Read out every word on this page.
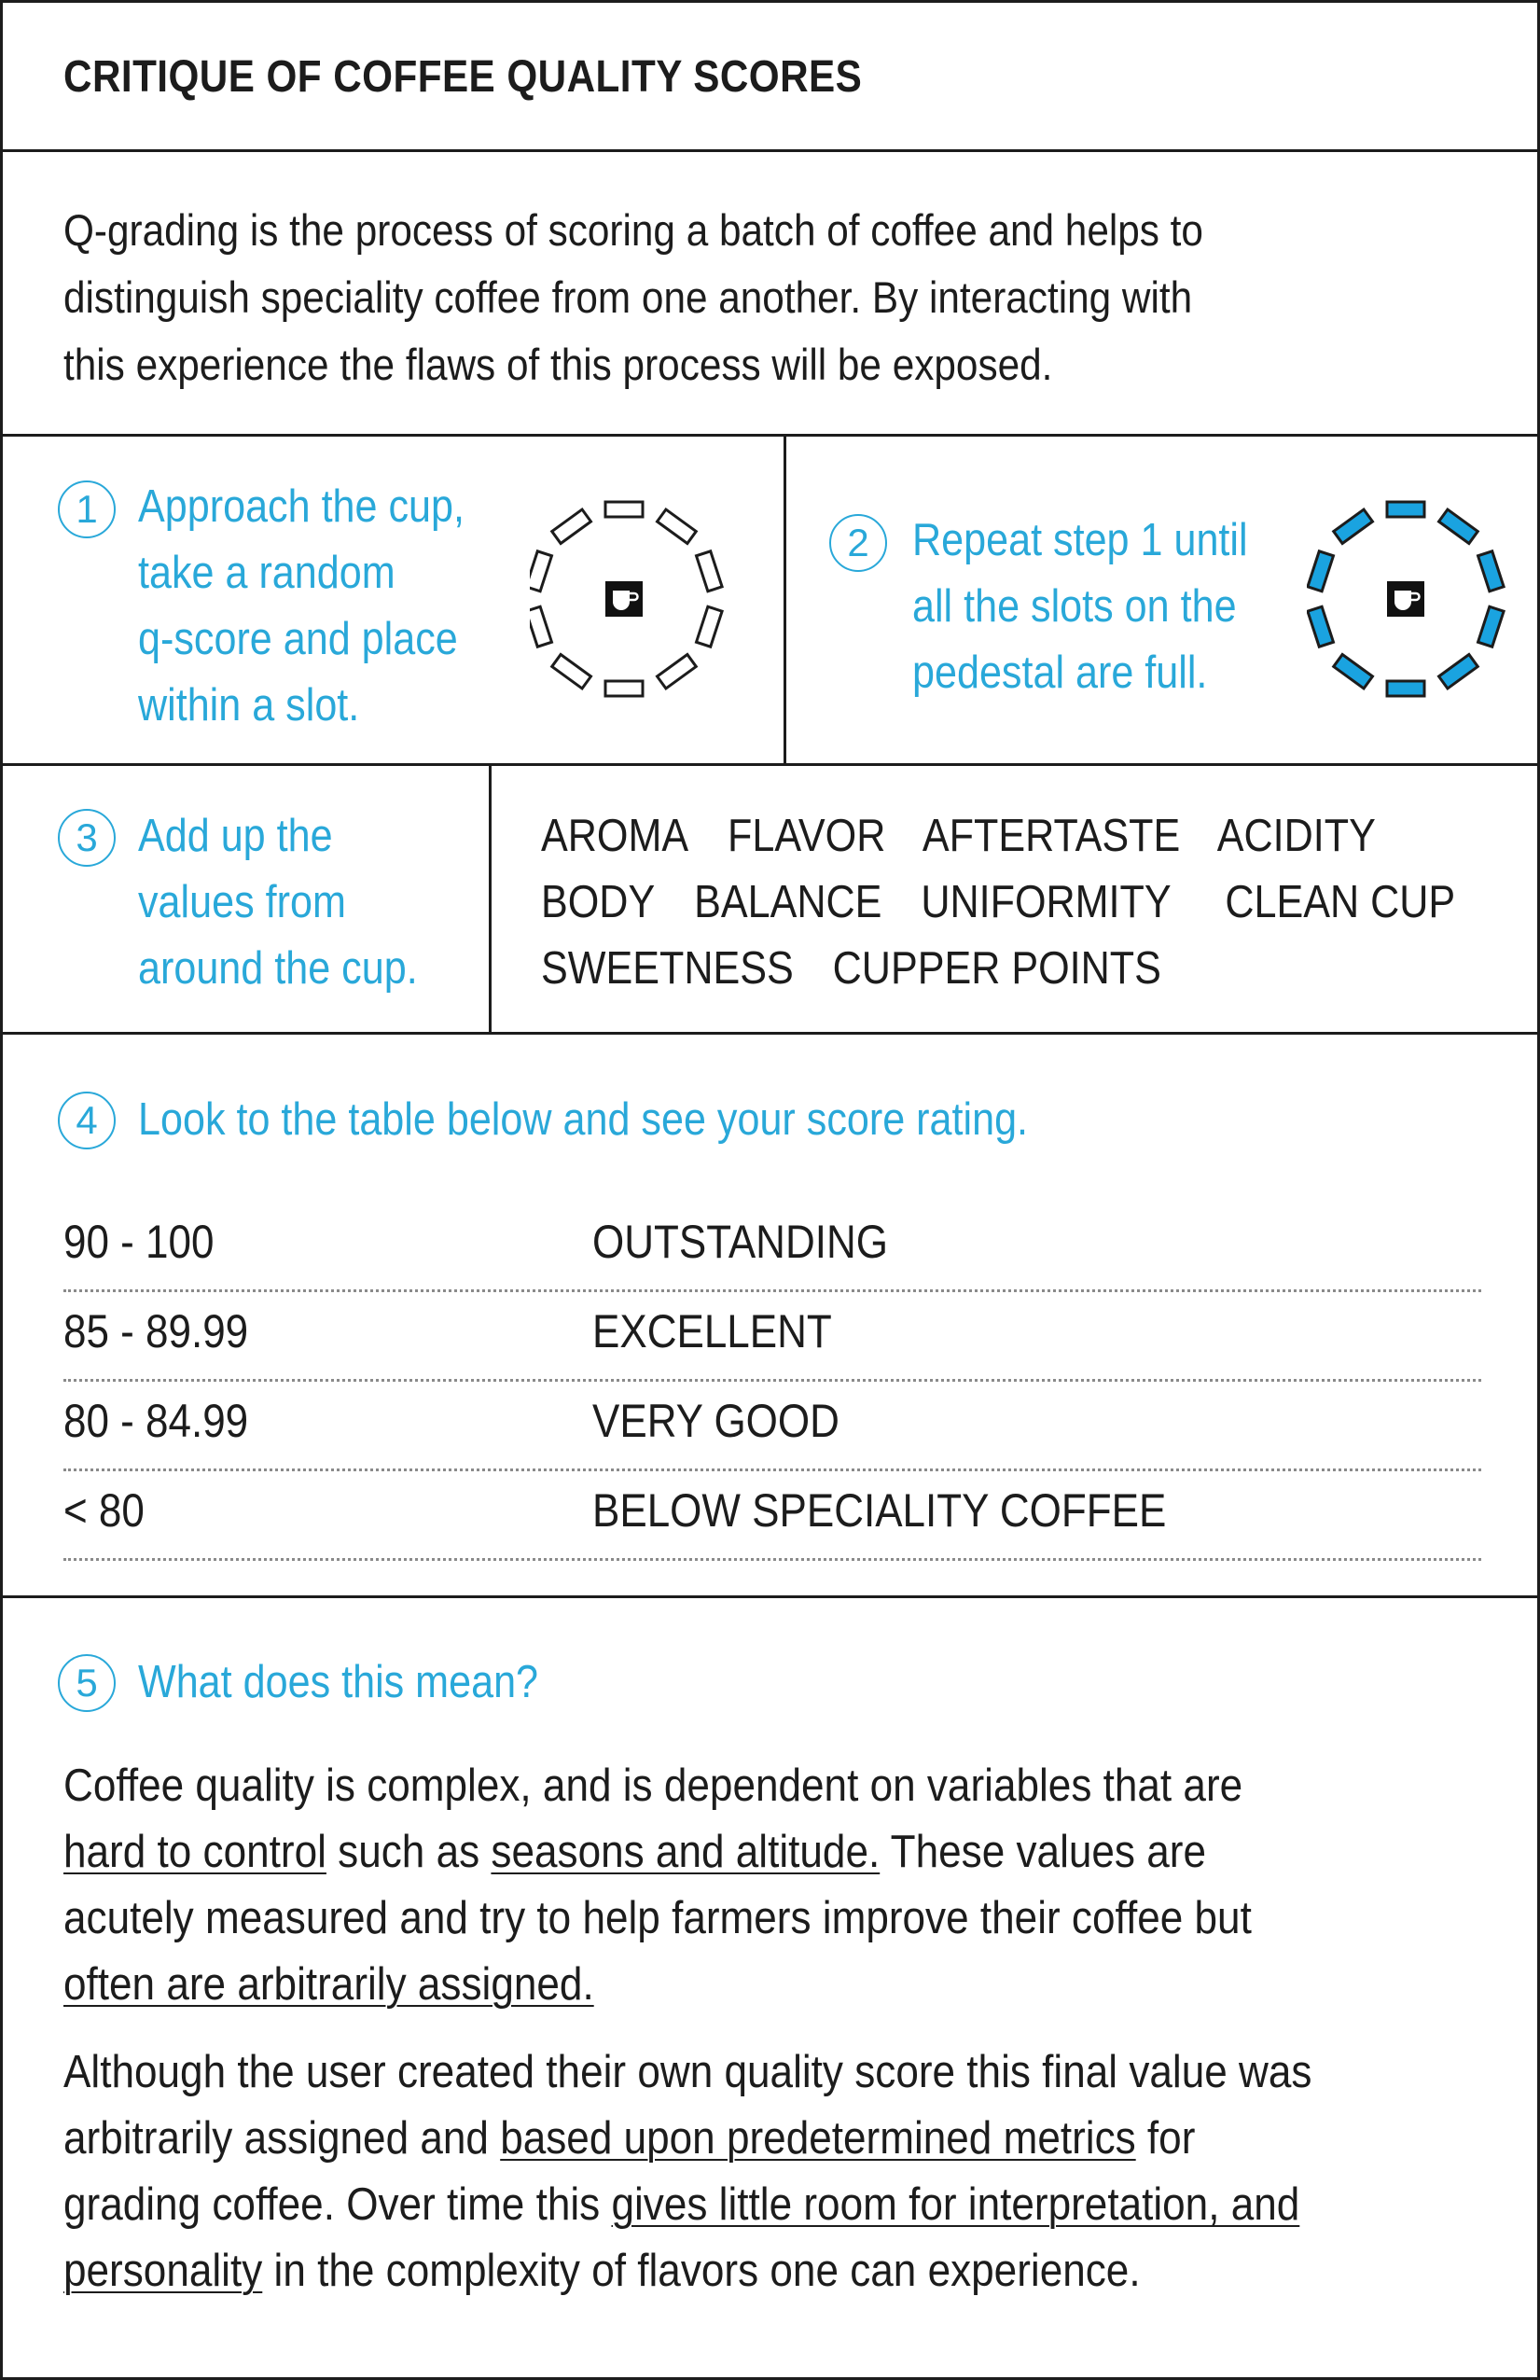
CRITIQUE OF COFFEE QUALITY SCORES
Q-grading is the process of scoring a batch of coffee and helps to
distinguish speciality coffee from one another. By interacting with
this experience the flaws of this process will be exposed.
1 Approach the cup,
take a random
q-score and place
within a slot.
2 Repeat step 1 until
all the slots on the
pedestal are full.
3 Add up the
values from
around the cup.
AROMA FLAVOR AFTERTASTE ACIDITY
BODY BALANCE UNIFORMITY CLEAN CUP
SWEETNESS CUPPER POINTS
4 Look to the table below and see your score rating.
90 - 100	OUTSTANDING
85 - 89.99	EXCELLENT
80 - 84.99	VERY GOOD
< 80	BELOW SPECIALITY COFFEE
5 What does this mean?
Coffee quality is complex, and is dependent on variables that are
hard to control such as seasons and altitude. These values are acutely measured and try to help farmers improve their coffee but often are arbitrarily assigned.
Although the user created their own quality score this final value was arbitrarily assigned and based upon predetermined metrics for grading coffee. Over time this gives little room for interpretation, and personality in the complexity of flavors one can experience.
